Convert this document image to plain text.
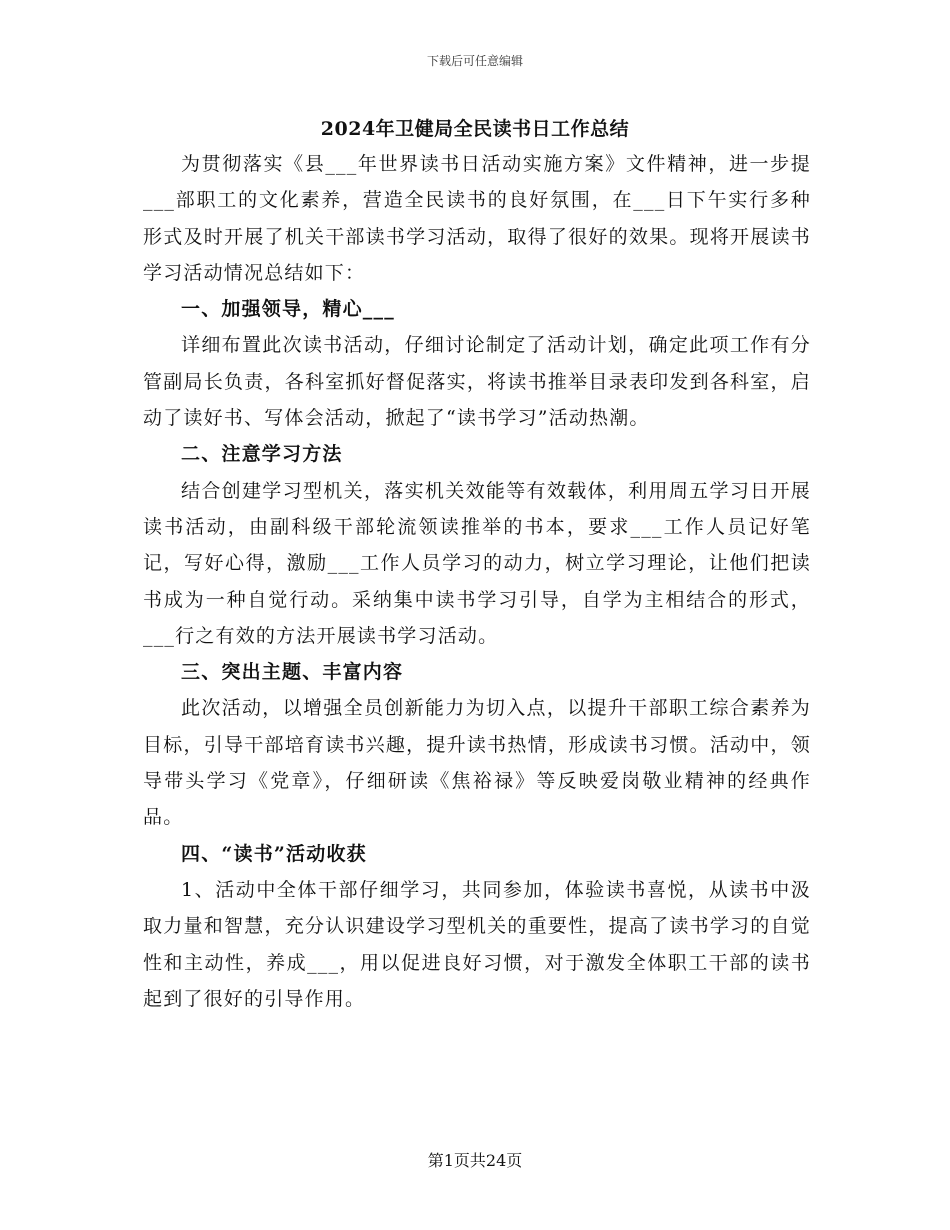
下载后可任意编辑
2024年卫健局全民读书日工作总结

为贯彻落实《县___年世界读书日活动实施方案》文件精神，进一步提___部职工的文化素养，营造全民读书的良好氛围，在___日下午实行多种形式及时开展了机关干部读书学习活动，取得了很好的效果。现将开展读书学习活动情况总结如下：

一、加强领导，精心___

详细布置此次读书活动，仔细讨论制定了活动计划，确定此项工作有分管副局长负责，各科室抓好督促落实，将读书推举目录表印发到各科室，启动了读好书、写体会活动，掀起了“读书学习”活动热潮。

二、注意学习方法

结合创建学习型机关，落实机关效能等有效载体，利用周五学习日开展读书活动，由副科级干部轮流领读推举的书本，要求___工作人员记好笔记，写好心得，激励___工作人员学习的动力，树立学习理论，让他们把读书成为一种自觉行动。采纳集中读书学习引导，自学为主相结合的形式，___行之有效的方法开展读书学习活动。

三、突出主题、丰富内容

此次活动，以增强全员创新能力为切入点，以提升干部职工综合素养为目标，引导干部培育读书兴趣，提升读书热情，形成读书习惯。活动中，领导带头学习《党章》，仔细研读《焦裕禄》等反映爱岗敬业精神的经典作品。

四、“读书”活动收获

1、活动中全体干部仔细学习，共同参加，体验读书喜悦，从读书中汲取力量和智慧，充分认识建设学习型机关的重要性，提高了读书学习的自觉性和主动性，养成___，用以促进良好习惯，对于激发全体职工干部的读书起到了很好的引导作用。

第1页共24页
